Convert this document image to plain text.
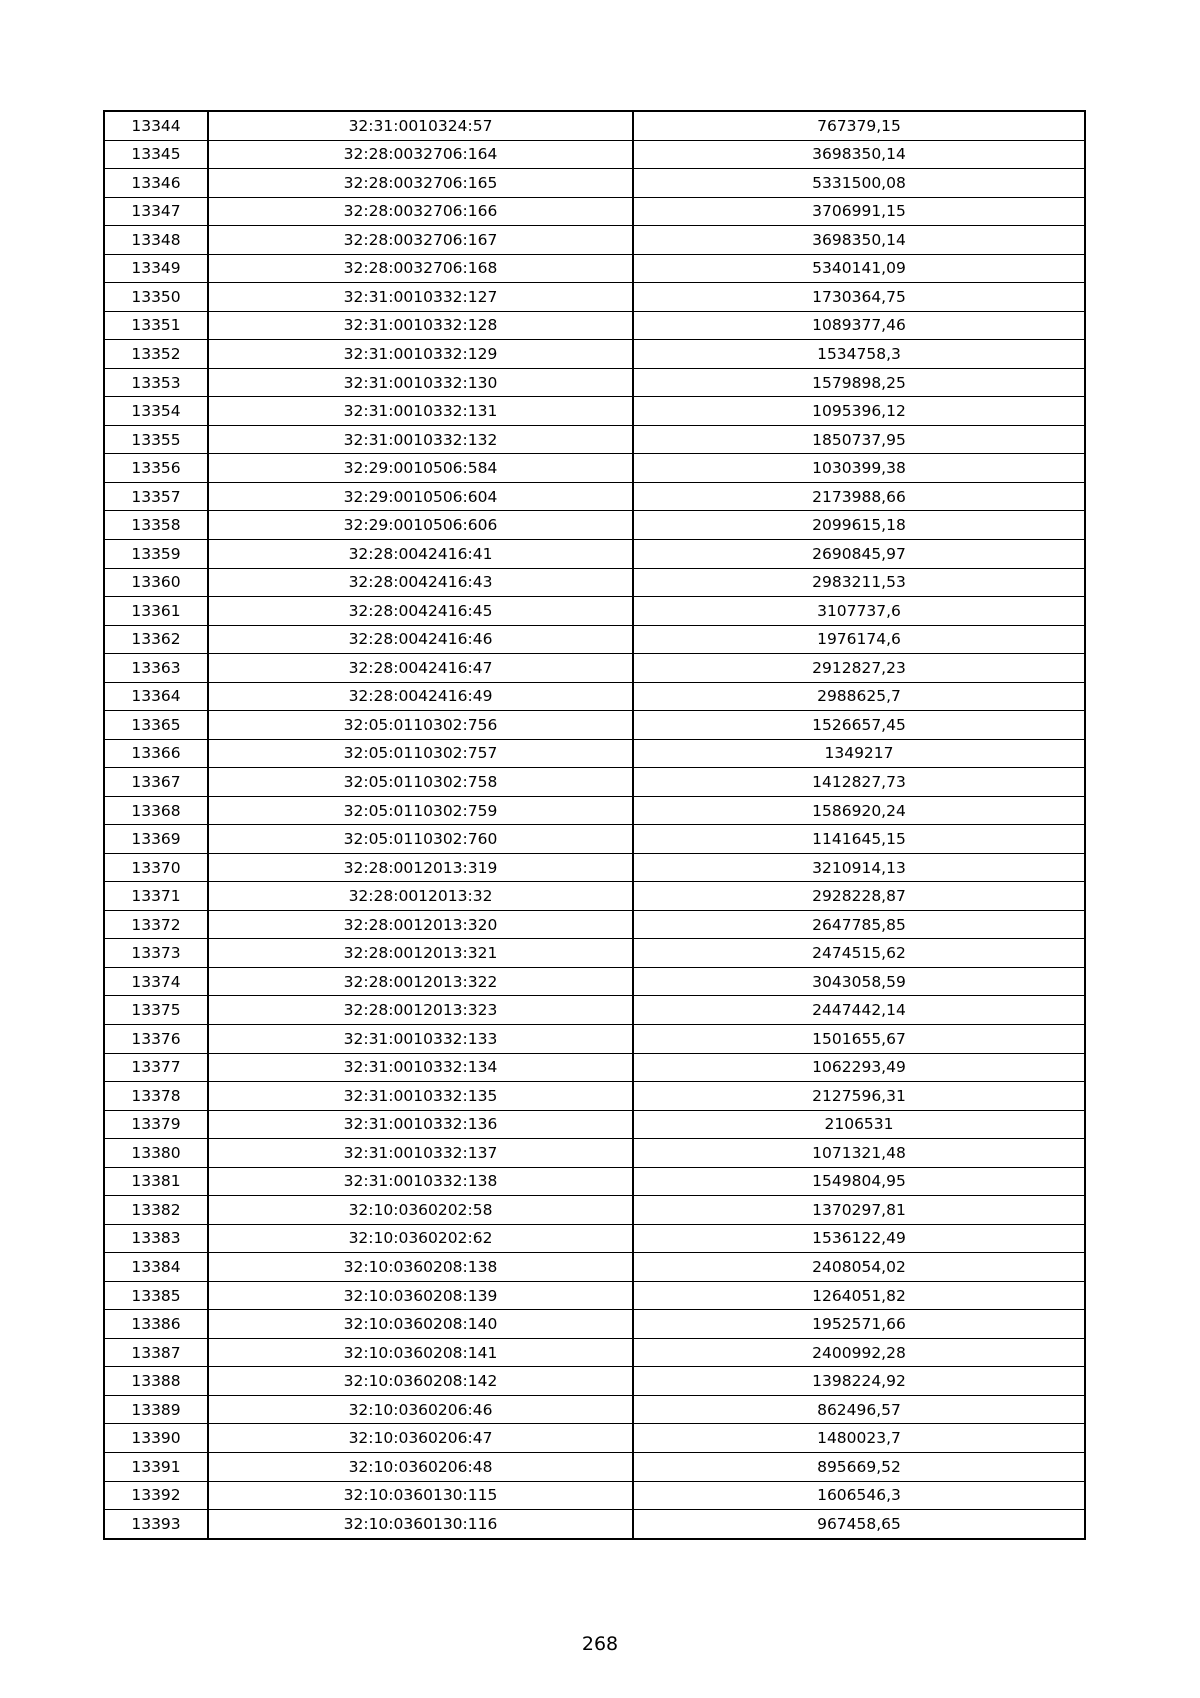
13344	32:31:0010324:57	767379,15
13345	32:28:0032706:164	3698350,14
13346	32:28:0032706:165	5331500,08
13347	32:28:0032706:166	3706991,15
13348	32:28:0032706:167	3698350,14
13349	32:28:0032706:168	5340141,09
13350	32:31:0010332:127	1730364,75
13351	32:31:0010332:128	1089377,46
13352	32:31:0010332:129	1534758,3
13353	32:31:0010332:130	1579898,25
13354	32:31:0010332:131	1095396,12
13355	32:31:0010332:132	1850737,95
13356	32:29:0010506:584	1030399,38
13357	32:29:0010506:604	2173988,66
13358	32:29:0010506:606	2099615,18
13359	32:28:0042416:41	2690845,97
13360	32:28:0042416:43	2983211,53
13361	32:28:0042416:45	3107737,6
13362	32:28:0042416:46	1976174,6
13363	32:28:0042416:47	2912827,23
13364	32:28:0042416:49	2988625,7
13365	32:05:0110302:756	1526657,45
13366	32:05:0110302:757	1349217
13367	32:05:0110302:758	1412827,73
13368	32:05:0110302:759	1586920,24
13369	32:05:0110302:760	1141645,15
13370	32:28:0012013:319	3210914,13
13371	32:28:0012013:32	2928228,87
13372	32:28:0012013:320	2647785,85
13373	32:28:0012013:321	2474515,62
13374	32:28:0012013:322	3043058,59
13375	32:28:0012013:323	2447442,14
13376	32:31:0010332:133	1501655,67
13377	32:31:0010332:134	1062293,49
13378	32:31:0010332:135	2127596,31
13379	32:31:0010332:136	2106531
13380	32:31:0010332:137	1071321,48
13381	32:31:0010332:138	1549804,95
13382	32:10:0360202:58	1370297,81
13383	32:10:0360202:62	1536122,49
13384	32:10:0360208:138	2408054,02
13385	32:10:0360208:139	1264051,82
13386	32:10:0360208:140	1952571,66
13387	32:10:0360208:141	2400992,28
13388	32:10:0360208:142	1398224,92
13389	32:10:0360206:46	862496,57
13390	32:10:0360206:47	1480023,7
13391	32:10:0360206:48	895669,52
13392	32:10:0360130:115	1606546,3
13393	32:10:0360130:116	967458,65
268
